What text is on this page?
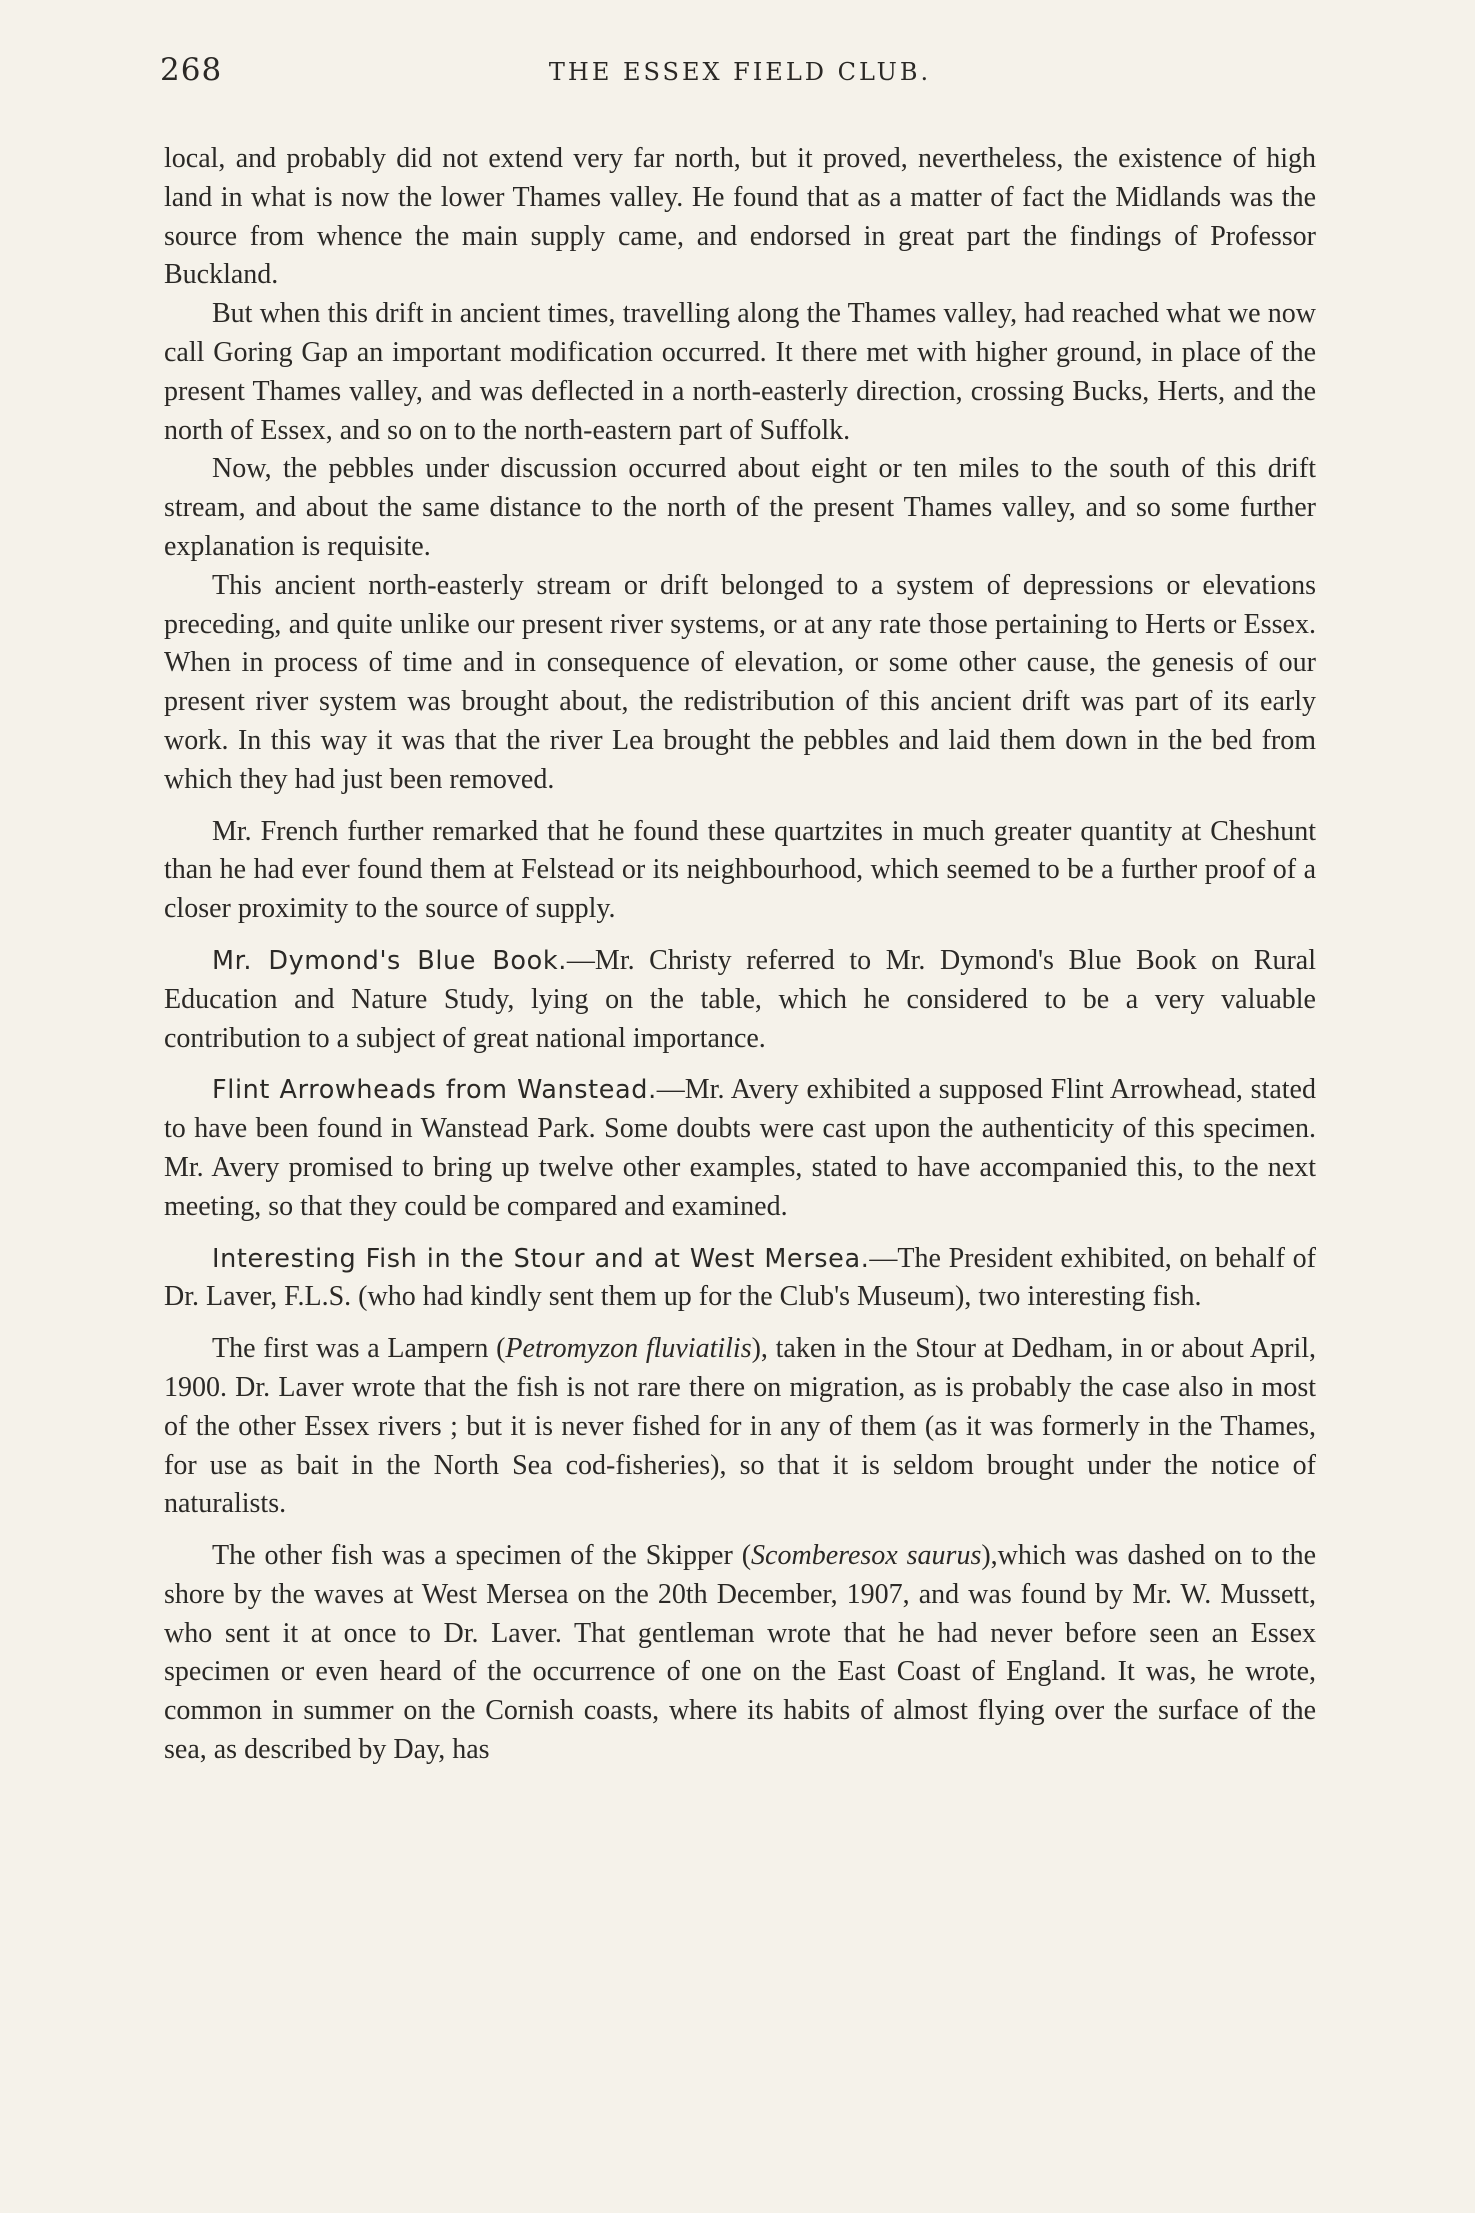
268	THE ESSEX FIELD CLUB.

local, and probably did not extend very far north, but it proved, nevertheless, the existence of high land in what is now the lower Thames valley. He found that as a matter of fact the Midlands was the source from whence the main supply came, and endorsed in great part the findings of Professor Buckland.

But when this drift in ancient times, travelling along the Thames valley, had reached what we now call Goring Gap an important modification occurred. It there met with higher ground, in place of the present Thames valley, and was deflected in a north-easterly direction, crossing Bucks, Herts, and the north of Essex, and so on to the north-eastern part of Suffolk.

Now, the pebbles under discussion occurred about eight or ten miles to the south of this drift stream, and about the same distance to the north of the present Thames valley, and so some further explanation is requisite.

This ancient north-easterly stream or drift belonged to a system of depressions or elevations preceding, and quite unlike our present river systems, or at any rate those pertaining to Herts or Essex. When in process of time and in consequence of elevation, or some other cause, the genesis of our present river system was brought about, the redistribution of this ancient drift was part of its early work. In this way it was that the river Lea brought the pebbles and laid them down in the bed from which they had just been removed.

Mr. French further remarked that he found these quartzites in much greater quantity at Cheshunt than he had ever found them at Felstead or its neighbourhood, which seemed to be a further proof of a closer proximity to the source of supply.

Mr. Dymond's Blue Book.—Mr. Christy referred to Mr. Dymond's Blue Book on Rural Education and Nature Study, lying on the table, which he considered to be a very valuable contribution to a subject of great national importance.

Flint Arrowheads from Wanstead.—Mr. Avery exhibited a supposed Flint Arrowhead, stated to have been found in Wanstead Park. Some doubts were cast upon the authenticity of this specimen. Mr. Avery promised to bring up twelve other examples, stated to have accompanied this, to the next meeting, so that they could be compared and examined.

Interesting Fish in the Stour and at West Mersea.—The President exhibited, on behalf of Dr. Laver, F.L.S. (who had kindly sent them up for the Club's Museum), two interesting fish.

The first was a Lampern (Petromyzon fluviatilis), taken in the Stour at Dedham, in or about April, 1900. Dr. Laver wrote that the fish is not rare there on migration, as is probably the case also in most of the other Essex rivers ; but it is never fished for in any of them (as it was formerly in the Thames, for use as bait in the North Sea cod-fisheries), so that it is seldom brought under the notice of naturalists.

The other fish was a specimen of the Skipper (Scomberesox saurus),which was dashed on to the shore by the waves at West Mersea on the 20th December, 1907, and was found by Mr. W. Mussett, who sent it at once to Dr. Laver. That gentleman wrote that he had never before seen an Essex specimen or even heard of the occurrence of one on the East Coast of England. It was, he wrote, common in summer on the Cornish coasts, where its habits of almost flying over the surface of the sea, as described by Day, has
